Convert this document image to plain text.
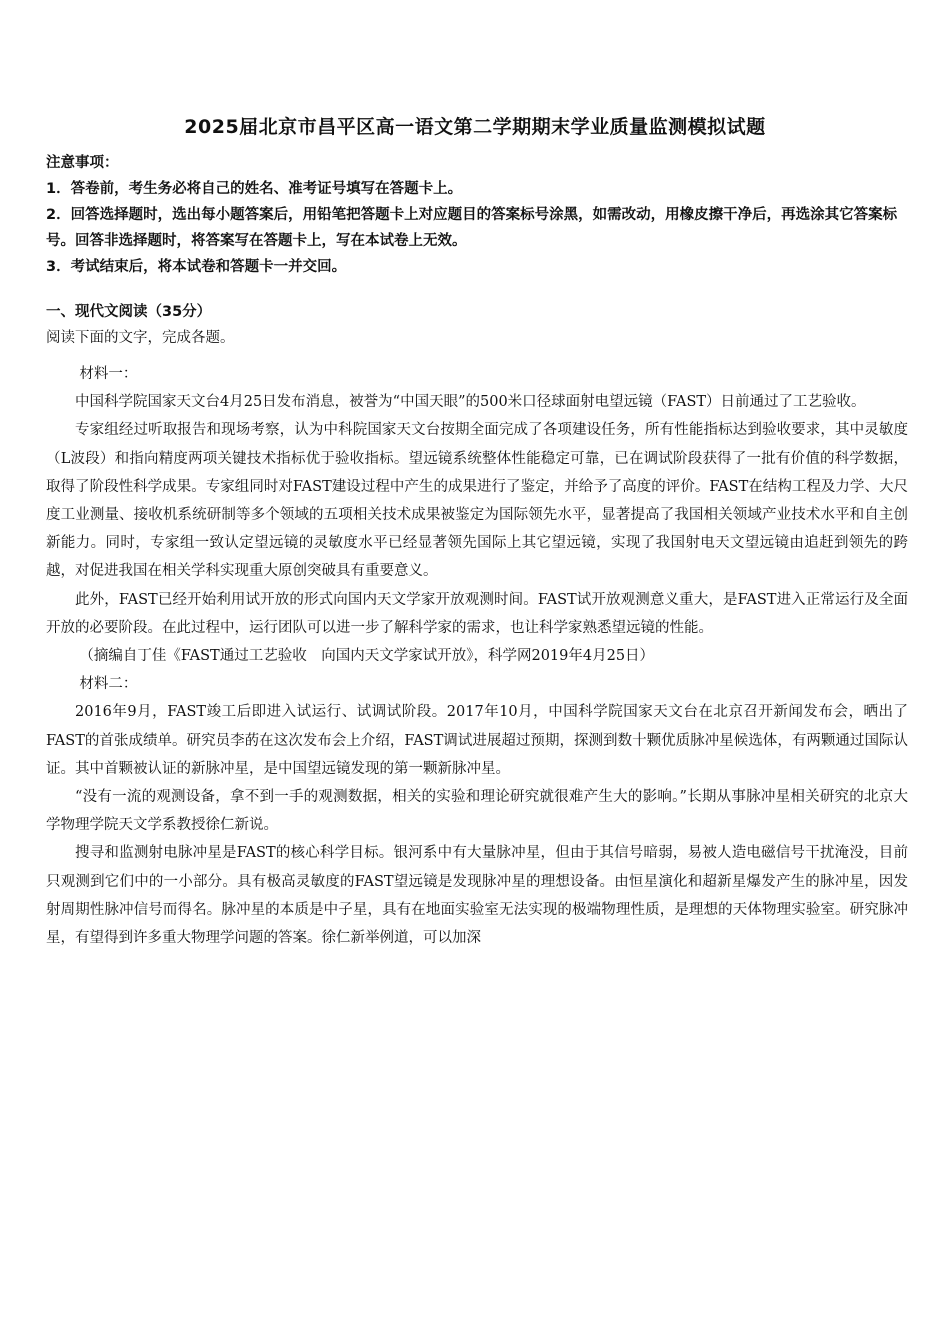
2025届北京市昌平区高一语文第二学期期末学业质量监测模拟试题

注意事项：

1．答卷前，考生务必将自己的姓名、准考证号填写在答题卡上。

2．回答选择题时，选出每小题答案后，用铅笔把答题卡上对应题目的答案标号涂黑，如需改动，用橡皮擦干净后，再选涂其它答案标号。回答非选择题时，将答案写在答题卡上，写在本试卷上无效。

3．考试结束后，将本试卷和答题卡一并交回。

一、现代文阅读（35分）
阅读下面的文字，完成各题。

材料一：

中国科学院国家天文台4月25日发布消息，被誉为“中国天眼”的500米口径球面射电望远镜（FAST）日前通过了工艺验收。

专家组经过听取报告和现场考察，认为中科院国家天文台按期全面完成了各项建设任务，所有性能指标达到验收要求，其中灵敏度（L波段）和指向精度两项关键技术指标优于验收指标。望远镜系统整体性能稳定可靠，已在调试阶段获得了一批有价值的科学数据，取得了阶段性科学成果。专家组同时对FAST建设过程中产生的成果进行了鉴定，并给予了高度的评价。FAST在结构工程及力学、大尺度工业测量、接收机系统研制等多个领域的五项相关技术成果被鉴定为国际领先水平，显著提高了我国相关领域产业技术水平和自主创新能力。同时，专家组一致认定望远镜的灵敏度水平已经显著领先国际上其它望远镜，实现了我国射电天文望远镜由追赶到领先的跨越，对促进我国在相关学科实现重大原创突破具有重要意义。

此外，FAST已经开始利用试开放的形式向国内天文学家开放观测时间。FAST试开放观测意义重大，是FAST进入正常运行及全面开放的必要阶段。在此过程中，运行团队可以进一步了解科学家的需求，也让科学家熟悉望远镜的性能。

（摘编自丁佳《FAST通过工艺验收　向国内天文学家试开放》，科学网2019年4月25日）

材料二：

2016年9月，FAST竣工后即进入试运行、试调试阶段。2017年10月，中国科学院国家天文台在北京召开新闻发布会，晒出了FAST的首张成绩单。研究员李菂在这次发布会上介绍，FAST调试进展超过预期，探测到数十颗优质脉冲星候选体，有两颗通过国际认证。其中首颗被认证的新脉冲星，是中国望远镜发现的第一颗新脉冲星。

“没有一流的观测设备，拿不到一手的观测数据，相关的实验和理论研究就很难产生大的影响。”长期从事脉冲星相关研究的北京大学物理学院天文学系教授徐仁新说。

搜寻和监测射电脉冲星是FAST的核心科学目标。银河系中有大量脉冲星，但由于其信号暗弱，易被人造电磁信号干扰淹没，目前只观测到它们中的一小部分。具有极高灵敏度的FAST望远镜是发现脉冲星的理想设备。由恒星演化和超新星爆发产生的脉冲星，因发射周期性脉冲信号而得名。脉冲星的本质是中子星，具有在地面实验室无法实现的极端物理性质，是理想的天体物理实验室。研究脉冲星，有望得到许多重大物理学问题的答案。徐仁新举例道，可以加深
